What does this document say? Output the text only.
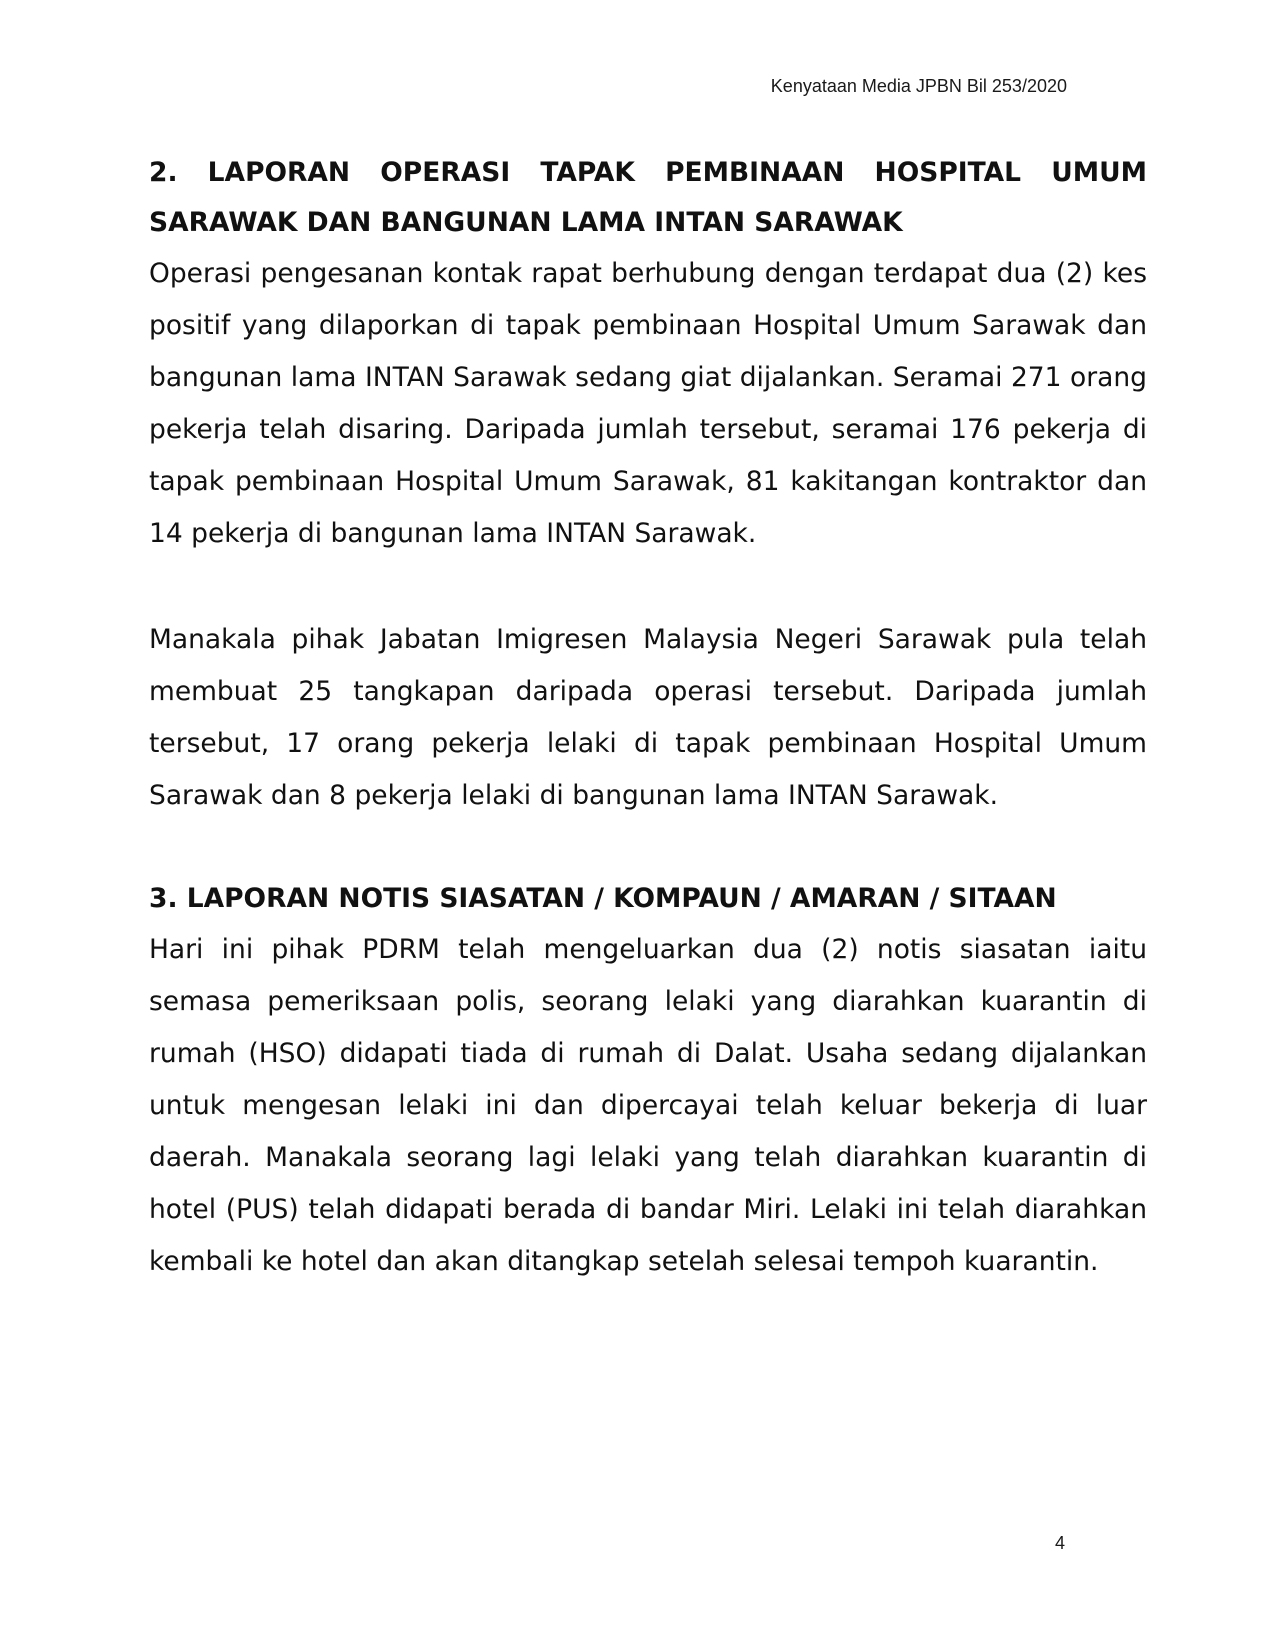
Kenyataan Media JPBN Bil 253/2020
2. LAPORAN OPERASI TAPAK PEMBINAAN HOSPITAL UMUM SARAWAK DAN BANGUNAN LAMA INTAN SARAWAK

Operasi pengesanan kontak rapat berhubung dengan terdapat dua (2) kes positif yang dilaporkan di tapak pembinaan Hospital Umum Sarawak dan bangunan lama INTAN Sarawak sedang giat dijalankan. Seramai 271 orang pekerja telah disaring. Daripada jumlah tersebut, seramai 176 pekerja di tapak pembinaan Hospital Umum Sarawak, 81 kakitangan kontraktor dan 14 pekerja di bangunan lama INTAN Sarawak.

Manakala pihak Jabatan Imigresen Malaysia Negeri Sarawak pula telah membuat 25 tangkapan daripada operasi tersebut. Daripada jumlah tersebut, 17 orang pekerja lelaki di tapak pembinaan Hospital Umum Sarawak dan 8 pekerja lelaki di bangunan lama INTAN Sarawak.

3. LAPORAN NOTIS SIASATAN / KOMPAUN / AMARAN / SITAAN

Hari ini pihak PDRM telah mengeluarkan dua (2) notis siasatan iaitu semasa pemeriksaan polis, seorang lelaki yang diarahkan kuarantin di rumah (HSO) didapati tiada di rumah di Dalat. Usaha sedang dijalankan untuk mengesan lelaki ini dan dipercayai telah keluar bekerja di luar daerah. Manakala seorang lagi lelaki yang telah diarahkan kuarantin di hotel (PUS) telah didapati berada di bandar Miri. Lelaki ini telah diarahkan kembali ke hotel dan akan ditangkap setelah selesai tempoh kuarantin.

4
